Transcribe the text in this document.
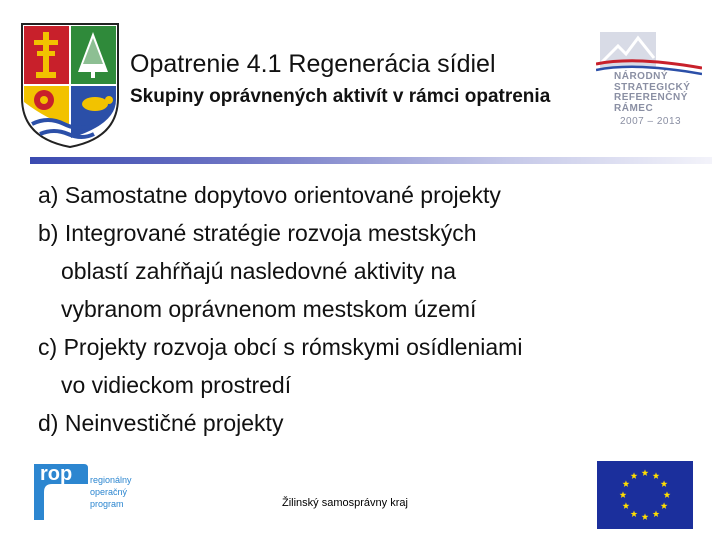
Opatrenie 4.1 Regenerácia sídiel
Skupiny oprávnených aktivít v rámci opatrenia
NÁRODNÝ
STRATEGICKÝ
REFERENČNÝ
RÁMEC
2007 – 2013
a) Samostatne dopytovo orientované projekty
b) Integrované stratégie rozvoja mestských
oblastí zahŕňajú nasledovné aktivity na
vybranom oprávnenom mestskom území
c) Projekty rozvoja obcí s rómskymi osídleniami
vo vidieckom prostredí
d) Neinvestičné projekty
rop regionálny
operačný
program	Žilinský samosprávny kraj
